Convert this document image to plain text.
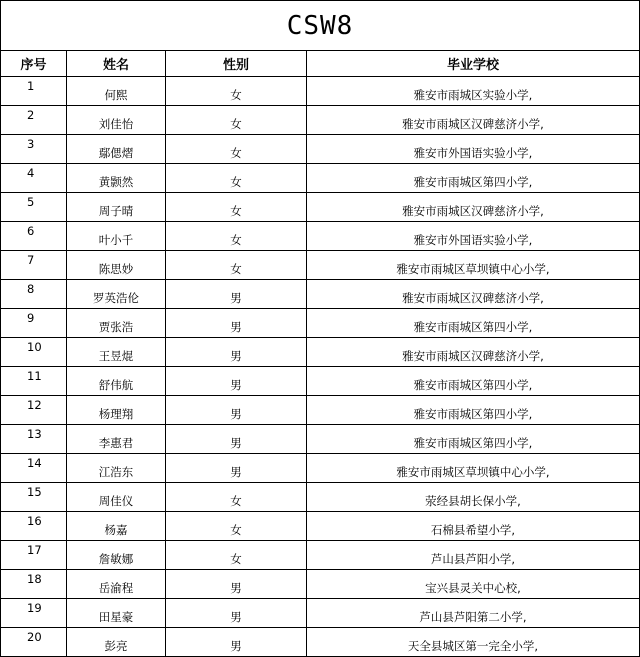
CSW8			
序号	姓名	性别	毕业学校
1	何熙	女	雅安市雨城区实验小学,
2	刘佳怡	女	雅安市雨城区汉碑慈济小学,
3	鄢偲熠	女	雅安市外国语实验小学,
4	黄颢然	女	雅安市雨城区第四小学,
5	周子晴	女	雅安市雨城区汉碑慈济小学,
6	叶小千	女	雅安市外国语实验小学,
7	陈思妙	女	雅安市雨城区草坝镇中心小学,
8	罗英浩伦	男	雅安市雨城区汉碑慈济小学,
9	贾张浩	男	雅安市雨城区第四小学,
10	王昱焜	男	雅安市雨城区汉碑慈济小学,
11	舒伟航	男	雅安市雨城区第四小学,
12	杨理翔	男	雅安市雨城区第四小学,
13	李惠君	男	雅安市雨城区第四小学,
14	江浩东	男	雅安市雨城区草坝镇中心小学,
15	周佳仪	女	荥经县胡长保小学,
16	杨嘉	女	石棉县希望小学,
17	詹敏娜	女	芦山县芦阳小学,
18	岳渝程	男	宝兴县灵关中心校,
19	田星豪	男	芦山县芦阳第二小学,
20	彭亮	男	天全县城区第一完全小学,
